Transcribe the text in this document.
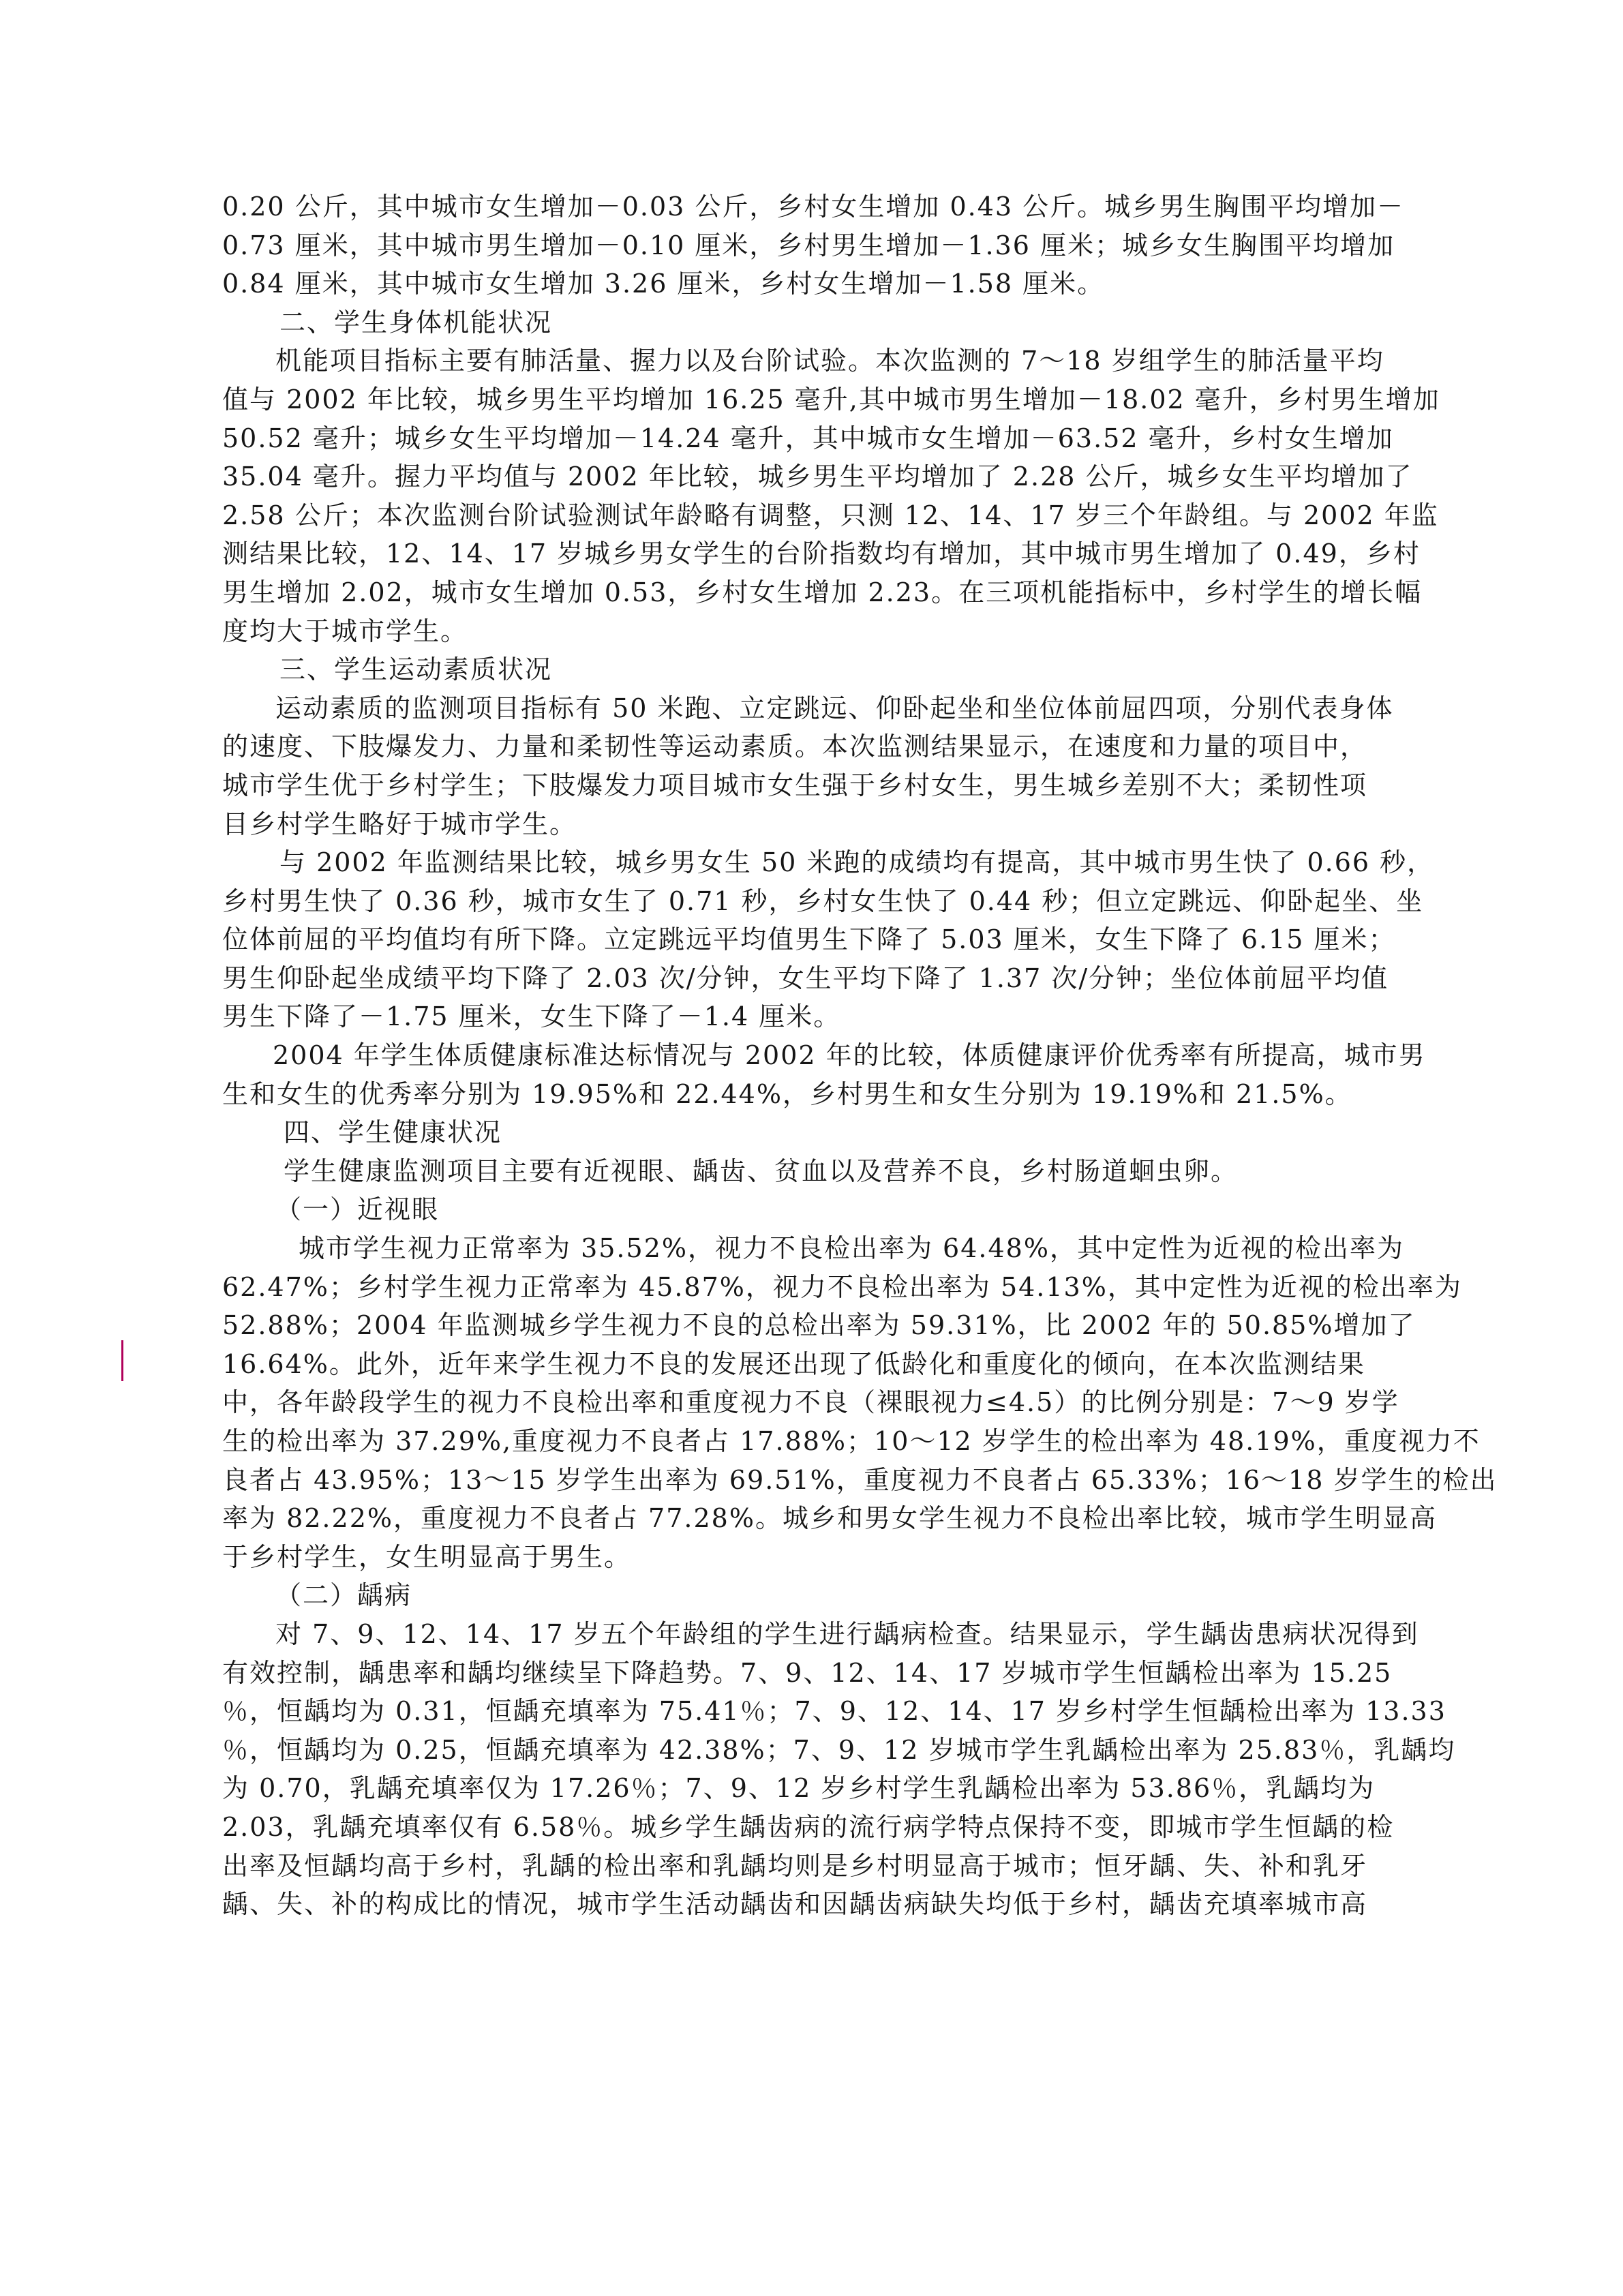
0.20 公斤，其中城市女生增加－0.03 公斤，乡村女生增加 0.43 公斤。城乡男生胸围平均增加－
0.73 厘米，其中城市男生增加－0.10 厘米，乡村男生增加－1.36 厘米；城乡女生胸围平均增加
0.84 厘米，其中城市女生增加 3.26 厘米，乡村女生增加－1.58 厘米。
二、学生身体机能状况
机能项目指标主要有肺活量、握力以及台阶试验。本次监测的 7～18 岁组学生的肺活量平均
值与 2002 年比较，城乡男生平均增加 16.25 毫升,其中城市男生增加－18.02 毫升，乡村男生增加
50.52 毫升；城乡女生平均增加－14.24 毫升，其中城市女生增加－63.52 毫升，乡村女生增加
35.04 毫升。握力平均值与 2002 年比较，城乡男生平均增加了 2.28 公斤，城乡女生平均增加了
2.58 公斤；本次监测台阶试验测试年龄略有调整，只测 12、14、17 岁三个年龄组。与 2002 年监
测结果比较，12、14、17 岁城乡男女学生的台阶指数均有增加，其中城市男生增加了 0.49，乡村
男生增加 2.02，城市女生增加 0.53，乡村女生增加 2.23。在三项机能指标中，乡村学生的增长幅
度均大于城市学生。
三、学生运动素质状况
运动素质的监测项目指标有 50 米跑、立定跳远、仰卧起坐和坐位体前屈四项，分别代表身体
的速度、下肢爆发力、力量和柔韧性等运动素质。本次监测结果显示，在速度和力量的项目中，
城市学生优于乡村学生；下肢爆发力项目城市女生强于乡村女生，男生城乡差别不大；柔韧性项
目乡村学生略好于城市学生。
与 2002 年监测结果比较，城乡男女生 50 米跑的成绩均有提高，其中城市男生快了 0.66 秒，
乡村男生快了 0.36 秒，城市女生了 0.71 秒，乡村女生快了 0.44 秒；但立定跳远、仰卧起坐、坐
位体前屈的平均值均有所下降。立定跳远平均值男生下降了 5.03 厘米，女生下降了 6.15 厘米；
男生仰卧起坐成绩平均下降了 2.03 次/分钟，女生平均下降了 1.37 次/分钟；坐位体前屈平均值
男生下降了－1.75 厘米，女生下降了－1.4 厘米。
2004 年学生体质健康标准达标情况与 2002 年的比较，体质健康评价优秀率有所提高，城市男
生和女生的优秀率分别为 19.95%和 22.44%，乡村男生和女生分别为 19.19%和 21.5%。
四、学生健康状况
学生健康监测项目主要有近视眼、龋齿、贫血以及营养不良，乡村肠道蛔虫卵。
（一）近视眼
城市学生视力正常率为 35.52%，视力不良检出率为 64.48%，其中定性为近视的检出率为
62.47%；乡村学生视力正常率为 45.87%，视力不良检出率为 54.13%，其中定性为近视的检出率为
52.88%；2004 年监测城乡学生视力不良的总检出率为 59.31%，比 2002 年的 50.85%增加了
16.64%。此外，近年来学生视力不良的发展还出现了低龄化和重度化的倾向，在本次监测结果
中，各年龄段学生的视力不良检出率和重度视力不良（裸眼视力≤4.5）的比例分别是：7～9 岁学
生的检出率为 37.29%,重度视力不良者占 17.88%；10～12 岁学生的检出率为 48.19%，重度视力不
良者占 43.95%；13～15 岁学生出率为 69.51%，重度视力不良者占 65.33%；16～18 岁学生的检出
率为 82.22%，重度视力不良者占 77.28%。城乡和男女学生视力不良检出率比较，城市学生明显高
于乡村学生，女生明显高于男生。
（二）龋病
对 7、9、12、14、17 岁五个年龄组的学生进行龋病检查。结果显示，学生龋齿患病状况得到
有效控制，龋患率和龋均继续呈下降趋势。7、9、12、14、17 岁城市学生恒龋检出率为 15.25
％，恒龋均为 0.31，恒龋充填率为 75.41％；7、9、12、14、17 岁乡村学生恒龋检出率为 13.33
％，恒龋均为 0.25，恒龋充填率为 42.38%；7、9、12 岁城市学生乳龋检出率为 25.83％，乳龋均
为 0.70，乳龋充填率仅为 17.26％；7、9、12 岁乡村学生乳龋检出率为 53.86％，乳龋均为
2.03，乳龋充填率仅有 6.58％。城乡学生龋齿病的流行病学特点保持不变，即城市学生恒龋的检
出率及恒龋均高于乡村，乳龋的检出率和乳龋均则是乡村明显高于城市；恒牙龋、失、补和乳牙
龋、失、补的构成比的情况，城市学生活动龋齿和因龋齿病缺失均低于乡村，龋齿充填率城市高
